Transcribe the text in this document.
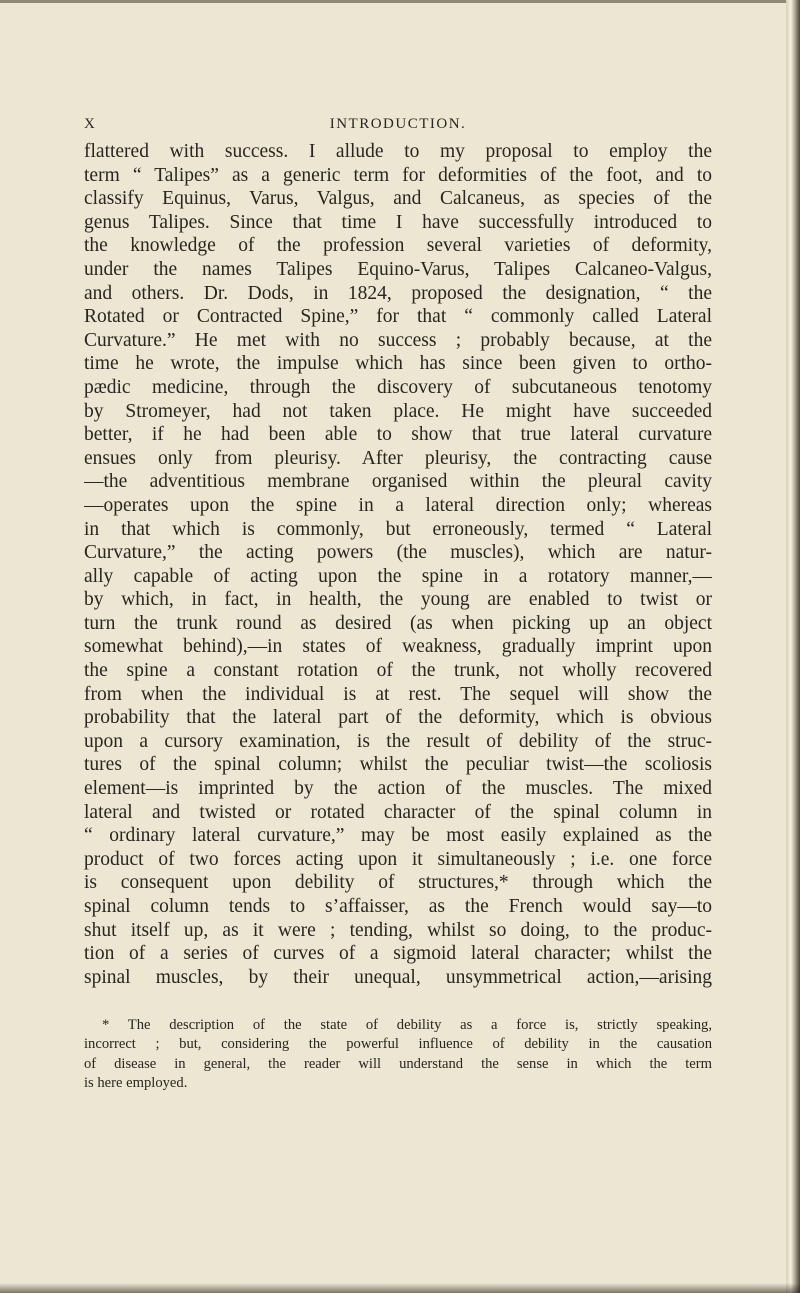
X	INTRODUCTION.

flattered with success. I allude to my proposal to employ the

term “ Talipes” as a generic term for deformities of the foot, and to

classify Equinus, Varus, Valgus, and Calcaneus, as species of the

genus Talipes. Since that time I have successfully introduced to

the knowledge of the profession several varieties of deformity,

under the names Talipes Equino-Varus, Talipes Calcaneo-Valgus,

and others. Dr. Dods, in 1824, proposed the designation, “ the

Rotated or Contracted Spine,” for that “ commonly called Lateral

Curvature.” He met with no success ; probably because, at the

time he wrote, the impulse which has since been given to ortho-

pædic medicine, through the discovery of subcutaneous tenotomy

by Stromeyer, had not taken place. He might have succeeded

better, if he had been able to show that true lateral curvature

ensues only from pleurisy. After pleurisy, the contracting cause

—the adventitious membrane organised within the pleural cavity

—operates upon the spine in a lateral direction only; whereas

in that which is commonly, but erroneously, termed “ Lateral

Curvature,” the acting powers (the muscles), which are natur-

ally capable of acting upon the spine in a rotatory manner,—

by which, in fact, in health, the young are enabled to twist or

turn the trunk round as desired (as when picking up an object

somewhat behind),—in states of weakness, gradually imprint upon

the spine a constant rotation of the trunk, not wholly recovered

from when the individual is at rest. The sequel will show the

probability that the lateral part of the deformity, which is obvious

upon a cursory examination, is the result of debility of the struc-

tures of the spinal column; whilst the peculiar twist—the scoliosis

element—is imprinted by the action of the muscles. The mixed

lateral and twisted or rotated character of the spinal column in

“ ordinary lateral curvature,” may be most easily explained as the

product of two forces acting upon it simultaneously ; i.e. one force

is consequent upon debility of structures,* through which the

spinal column tends to s’affaisser, as the French would say—to

shut itself up, as it were ; tending, whilst so doing, to the produc-

tion of a series of curves of a sigmoid lateral character; whilst the

spinal muscles, by their unequal, unsymmetrical action,—arising

* The description of the state of debility as a force is, strictly speaking,

incorrect ; but, considering the powerful influence of debility in the causation

of disease in general, the reader will understand the sense in which the term

is here employed.
